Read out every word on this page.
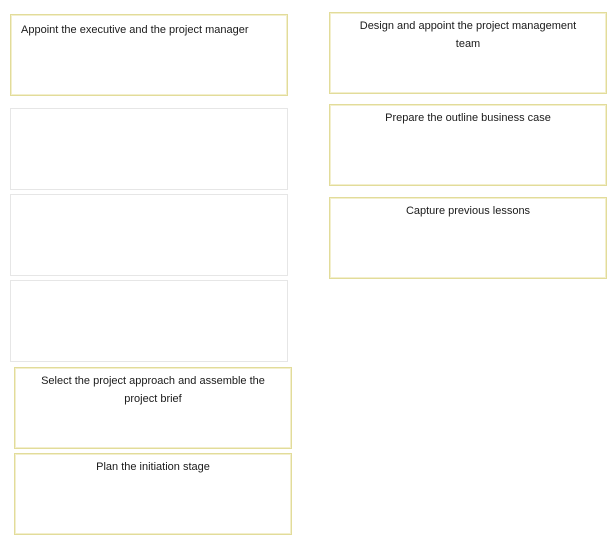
Appoint the executive and the project manager
Select the project approach and assemble the project brief
Plan the initiation stage
Design and appoint the project management team
Prepare the outline business case
Capture previous lessons
